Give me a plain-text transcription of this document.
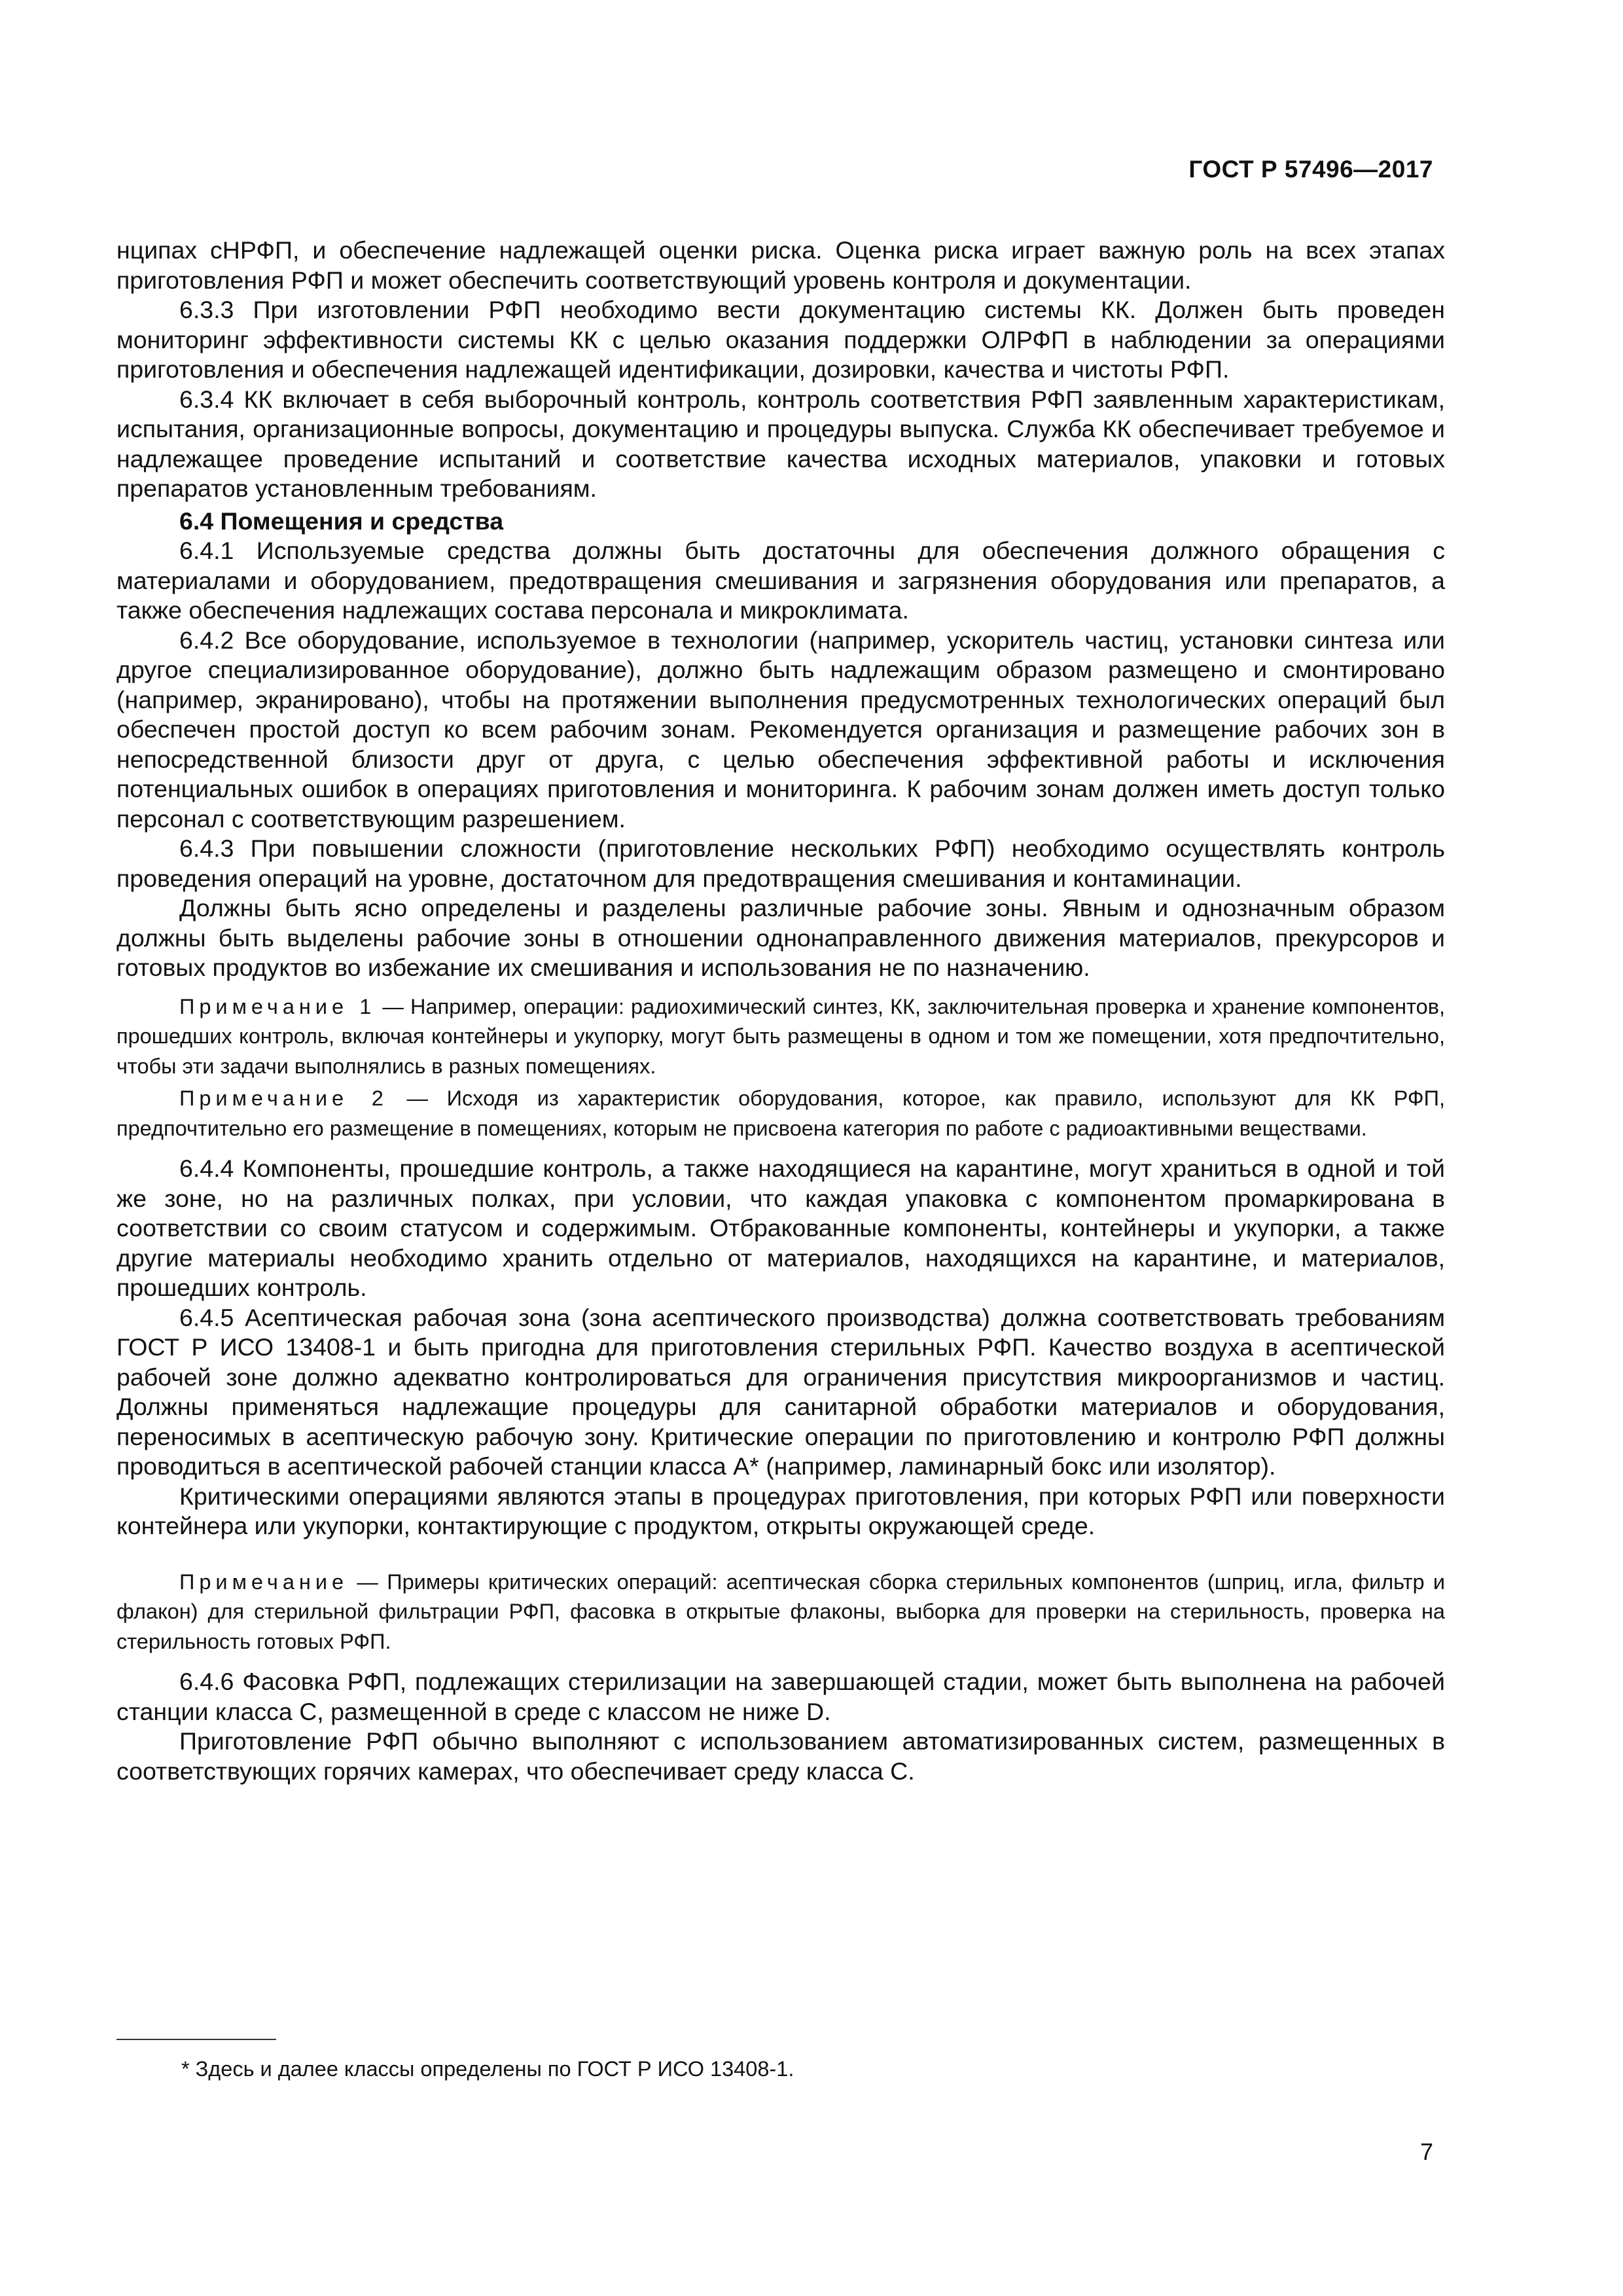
ГОСТ Р 57496—2017

нципах сНРФП, и обеспечение надлежащей оценки риска. Оценка риска играет важную роль на всех этапах приготовления РФП и может обеспечить соответствующий уровень контроля и документации.

6.3.3 При изготовлении РФП необходимо вести документацию системы КК. Должен быть проведен мониторинг эффективности системы КК с целью оказания поддержки ОЛРФП в наблюдении за операциями приготовления и обеспечения надлежащей идентификации, дозировки, качества и чистоты РФП.

6.3.4 КК включает в себя выборочный контроль, контроль соответствия РФП заявленным характеристикам, испытания, организационные вопросы, документацию и процедуры выпуска. Служба КК обеспечивает требуемое и надлежащее проведение испытаний и соответствие качества исходных материалов, упаковки и готовых препаратов установленным требованиям.

6.4 Помещения и средства

6.4.1 Используемые средства должны быть достаточны для обеспечения должного обращения с материалами и оборудованием, предотвращения смешивания и загрязнения оборудования или препаратов, а также обеспечения надлежащих состава персонала и микроклимата.

6.4.2 Все оборудование, используемое в технологии (например, ускоритель частиц, установки синтеза или другое специализированное оборудование), должно быть надлежащим образом размещено и смонтировано (например, экранировано), чтобы на протяжении выполнения предусмотренных технологических операций был обеспечен простой доступ ко всем рабочим зонам. Рекомендуется организация и размещение рабочих зон в непосредственной близости друг от друга, с целью обеспечения эффективной работы и исключения потенциальных ошибок в операциях приготовления и мониторинга. К рабочим зонам должен иметь доступ только персонал с соответствующим разрешением.

6.4.3 При повышении сложности (приготовление нескольких РФП) необходимо осуществлять контроль проведения операций на уровне, достаточном для предотвращения смешивания и контаминации.

Должны быть ясно определены и разделены различные рабочие зоны. Явным и однозначным образом должны быть выделены рабочие зоны в отношении однонаправленного движения материалов, прекурсоров и готовых продуктов во избежание их смешивания и использования не по назначению.

Примечание 1 — Например, операции: радиохимический синтез, КК, заключительная проверка и хранение компонентов, прошедших контроль, включая контейнеры и укупорку, могут быть размещены в одном и том же помещении, хотя предпочтительно, чтобы эти задачи выполнялись в разных помещениях.

Примечание 2 — Исходя из характеристик оборудования, которое, как правило, используют для КК РФП, предпочтительно его размещение в помещениях, которым не присвоена категория по работе с радиоактивными веществами.

6.4.4 Компоненты, прошедшие контроль, а также находящиеся на карантине, могут храниться в одной и той же зоне, но на различных полках, при условии, что каждая упаковка с компонентом промаркирована в соответствии со своим статусом и содержимым. Отбракованные компоненты, контейнеры и укупорки, а также другие материалы необходимо хранить отдельно от материалов, находящихся на карантине, и материалов, прошедших контроль.

6.4.5 Асептическая рабочая зона (зона асептического производства) должна соответствовать требованиям ГОСТ Р ИСО 13408-1 и быть пригодна для приготовления стерильных РФП. Качество воздуха в асептической рабочей зоне должно адекватно контролироваться для ограничения присутствия микроорганизмов и частиц. Должны применяться надлежащие процедуры для санитарной обработки материалов и оборудования, переносимых в асептическую рабочую зону. Критические операции по приготовлению и контролю РФП должны проводиться в асептической рабочей станции класса А* (например, ламинарный бокс или изолятор).

Критическими операциями являются этапы в процедурах приготовления, при которых РФП или поверхности контейнера или укупорки, контактирующие с продуктом, открыты окружающей среде.

Примечание — Примеры критических операций: асептическая сборка стерильных компонентов (шприц, игла, фильтр и флакон) для стерильной фильтрации РФП, фасовка в открытые флаконы, выборка для проверки на стерильность, проверка на стерильность готовых РФП.

6.4.6 Фасовка РФП, подлежащих стерилизации на завершающей стадии, может быть выполнена на рабочей станции класса С, размещенной в среде с классом не ниже D.

Приготовление РФП обычно выполняют с использованием автоматизированных систем, размещенных в соответствующих горячих камерах, что обеспечивает среду класса С.

* Здесь и далее классы определены по ГОСТ Р ИСО 13408-1.
7
